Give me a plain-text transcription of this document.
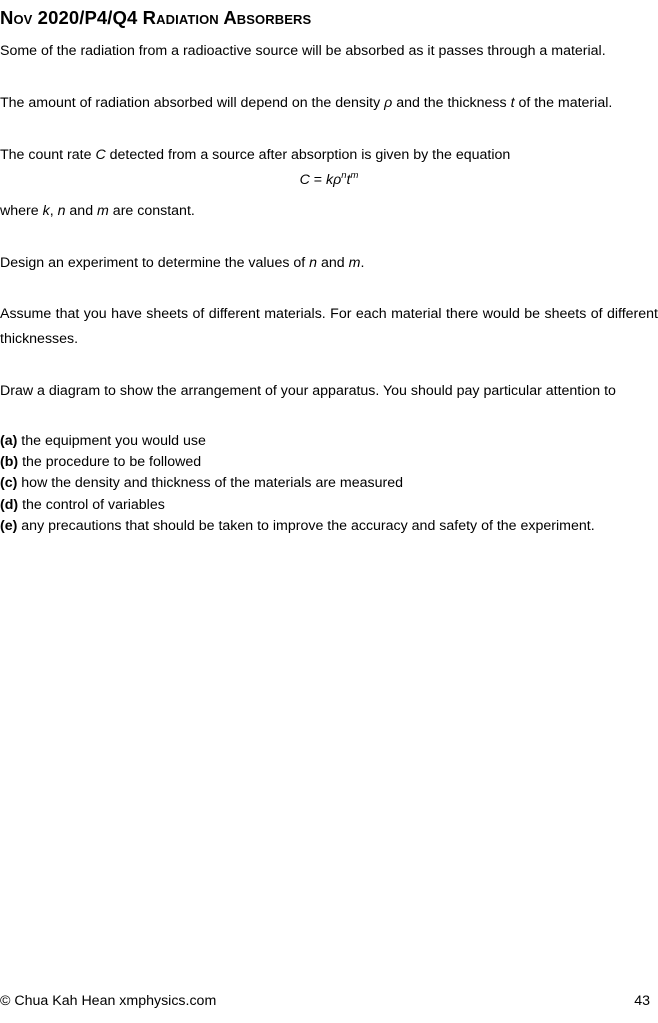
Nov 2020/P4/Q4 Radiation Absorbers
Some of the radiation from a radioactive source will be absorbed as it passes through a material.
The amount of radiation absorbed will depend on the density ρ and the thickness t of the material.
The count rate C detected from a source after absorption is given by the equation
$C = k\rho^nt^m$
where k, n and m are constant.
Design an experiment to determine the values of n and m.
Assume that you have sheets of different materials. For each material there would be sheets of different thicknesses.
Draw a diagram to show the arrangement of your apparatus. You should pay particular attention to
(a) the equipment you would use
(b) the procedure to be followed
(c) how the density and thickness of the materials are measured
(d) the control of variables
(e) any precautions that should be taken to improve the accuracy and safety of the experiment.
© Chua Kah Hean xmphysics.com	43
